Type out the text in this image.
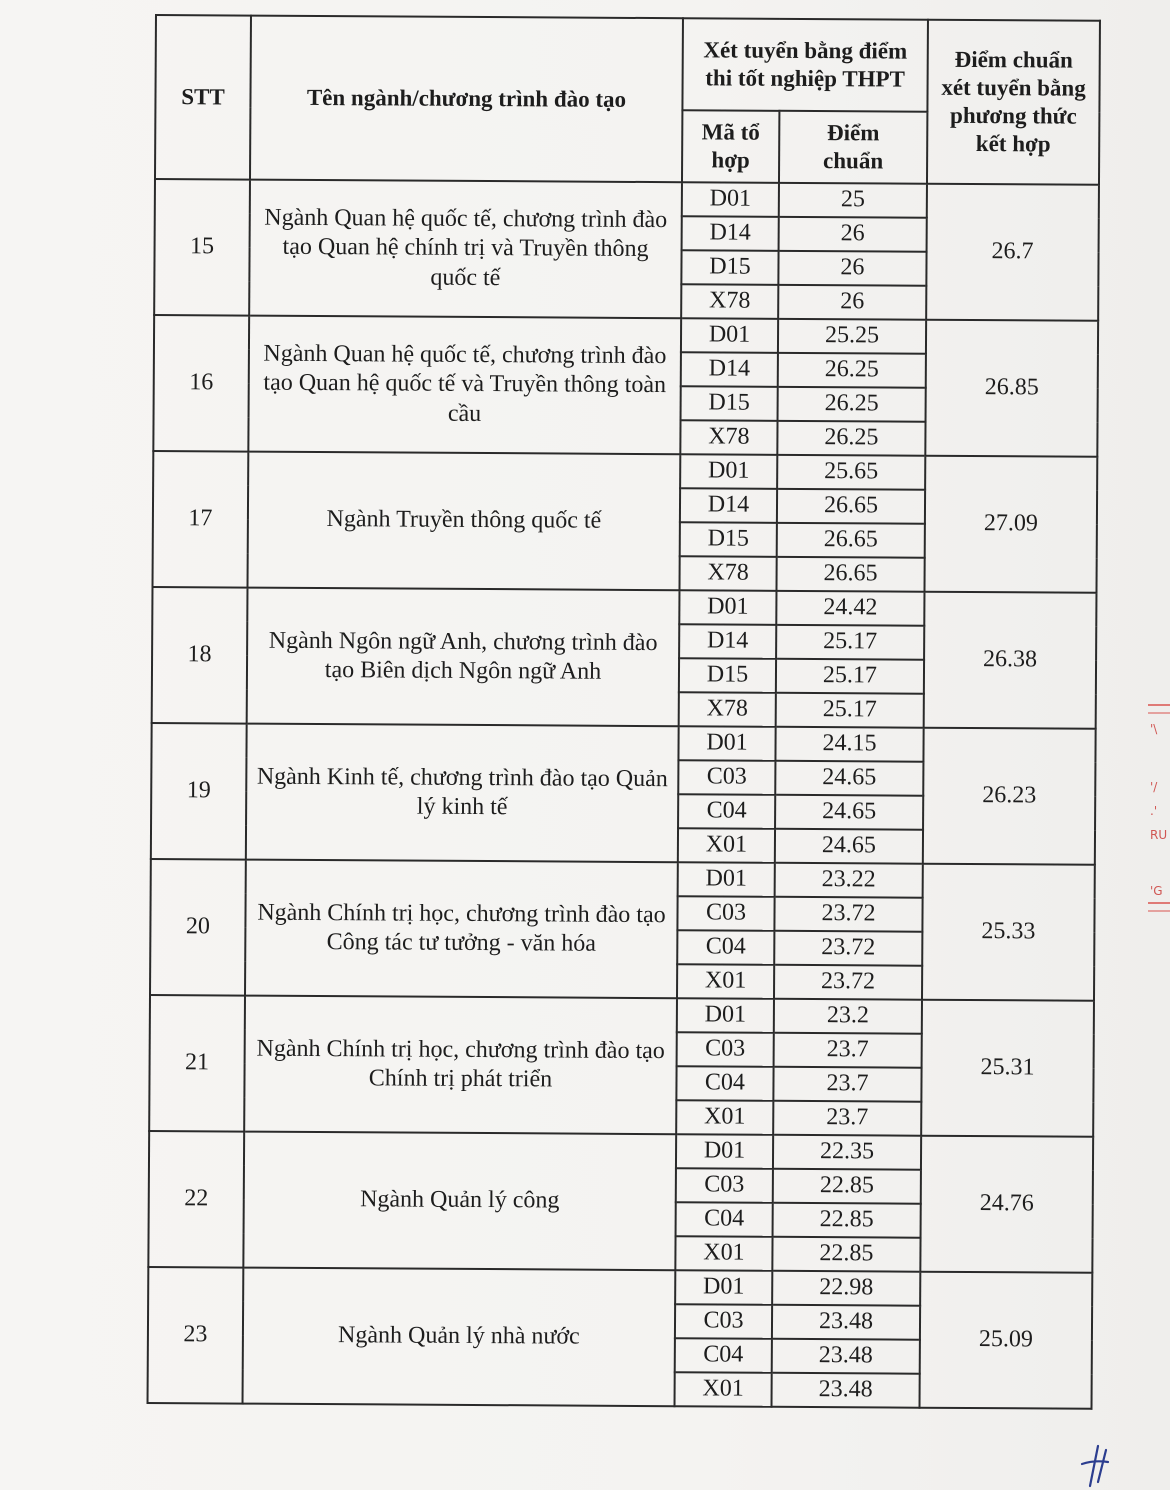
STT	Tên ngành/chương trình đào tạo	Xét tuyển bằng điểm thi tốt nghiệp THPT		Điểm chuẩn xét tuyển bằng phương thức kết hợp
		Mã tổ hợp	Điểm chuẩn	
15	Ngành Quan hệ quốc tế, chương trình đào tạo Quan hệ chính trị và Truyền thông quốc tế	D01	25	26.7
		D14	26	
		D15	26	
		X78	26	
16	Ngành Quan hệ quốc tế, chương trình đào tạo Quan hệ quốc tế và Truyền thông toàn cầu	D01	25.25	26.85
		D14	26.25	
		D15	26.25	
		X78	26.25	
17	Ngành Truyền thông quốc tế	D01	25.65	27.09
		D14	26.65	
		D15	26.65	
		X78	26.65	
18	Ngành Ngôn ngữ Anh, chương trình đào tạo Biên dịch Ngôn ngữ Anh	D01	24.42	26.38
		D14	25.17	
		D15	25.17	
		X78	25.17	
19	Ngành Kinh tế, chương trình đào tạo Quản lý kinh tế	D01	24.15	26.23
		C03	24.65	
		C04	24.65	
		X01	24.65	
20	Ngành Chính trị học, chương trình đào tạo Công tác tư tưởng - văn hóa	D01	23.22	25.33
		C03	23.72	
		C04	23.72	
		X01	23.72	
21	Ngành Chính trị học, chương trình đào tạo Chính trị phát triển	D01	23.2	25.31
		C03	23.7	
		C04	23.7	
		X01	23.7	
22	Ngành Quản lý công	D01	22.35	24.76
		C03	22.85	
		C04	22.85	
		X01	22.85	
23	Ngành Quản lý nhà nước	D01	22.98	25.09
		C03	23.48	
		C04	23.48	
		X01	23.48	
'\
'/
.'
RU
'G
